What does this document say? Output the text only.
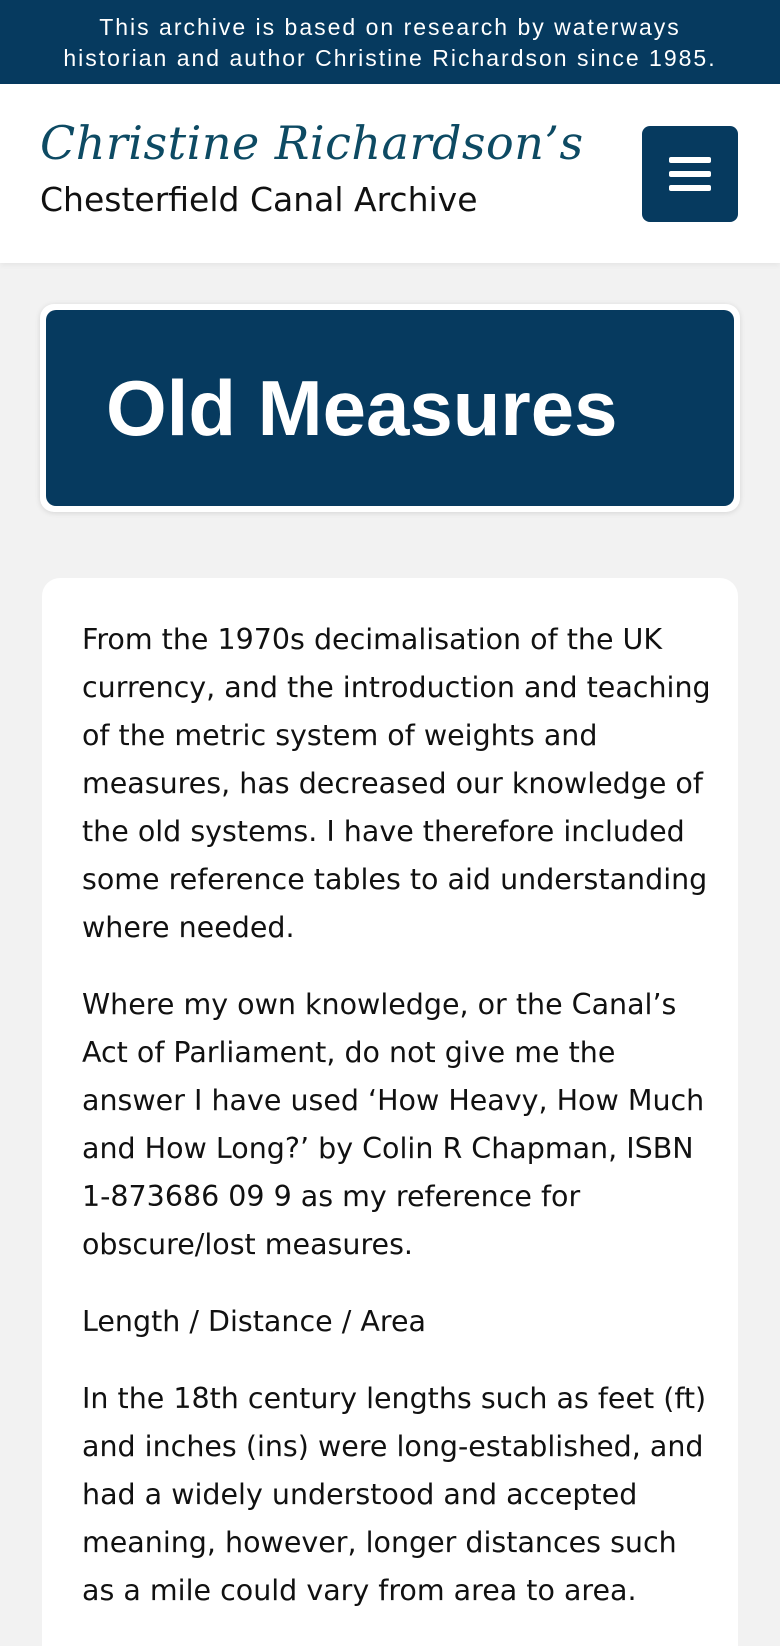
This archive is based on research by waterways
historian and author Christine Richardson since 1985.
Christine Richardson’s
Chesterfield Canal Archive
Old Measures

From the 1970s decimalisation of the UK currency, and the introduction and teaching of the metric system of weights and measures, has decreased our knowledge of the old systems. I have therefore included some reference tables to aid understanding where needed.

Where my own knowledge, or the Canal’s Act of Parliament, do not give me the answer I have used ‘How Heavy, How Much and How Long?’ by Colin R Chapman, ISBN 1-873686 09 9 as my reference for obscure/lost measures.

Length / Distance / Area

In the 18th century lengths such as feet (ft) and inches (ins) were long-established, and had a widely understood and accepted meaning, however, longer distances such as a mile could vary from area to area.
